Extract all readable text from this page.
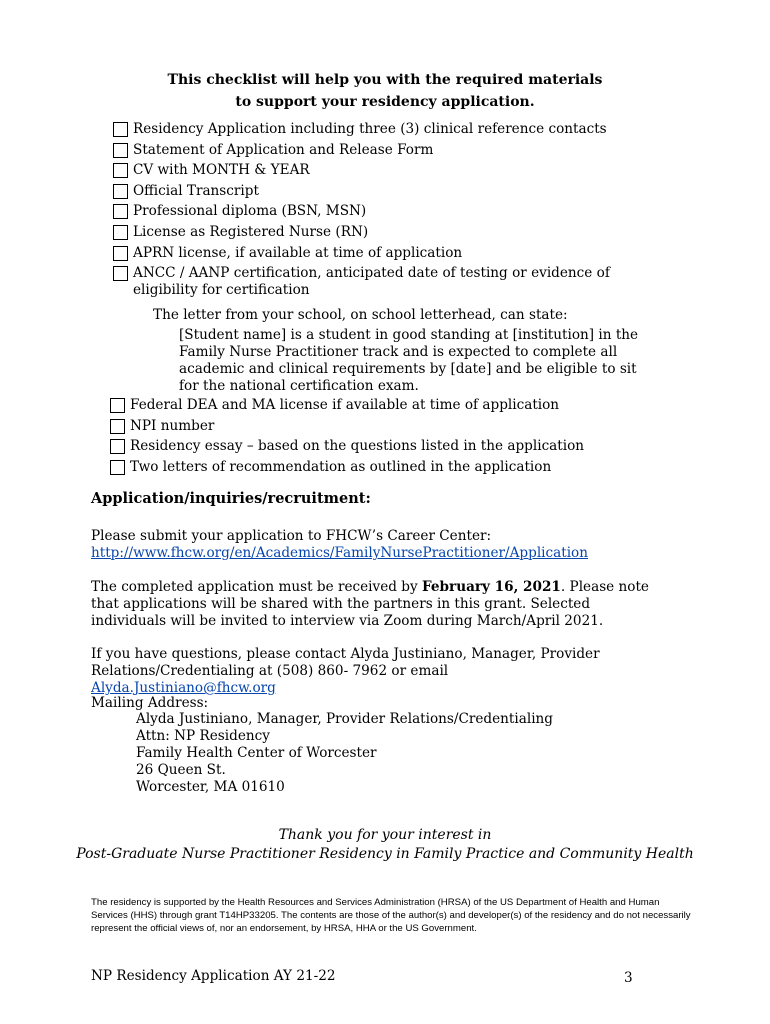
This checklist will help you with the required materials
to support your residency application.
Residency Application including three (3) clinical reference contacts
Statement of Application and Release Form
CV with MONTH & YEAR
Official Transcript
Professional diploma (BSN, MSN)
License as Registered Nurse (RN)
APRN license, if available at time of application
ANCC / AANP certification, anticipated date of testing or evidence of eligibility for certification
The letter from your school, on school letterhead, can state:
[Student name] is a student in good standing at [institution] in the Family Nurse Practitioner track and is expected to complete all academic and clinical requirements by [date] and be eligible to sit for the national certification exam.
Federal DEA and MA license if available at time of application
NPI number
Residency essay – based on the questions listed in the application
Two letters of recommendation as outlined in the application
Application/inquiries/recruitment:
Please submit your application to FHCW’s Career Center:
http://www.fhcw.org/en/Academics/FamilyNursePractitioner/Application
The completed application must be received by February 16, 2021. Please note that applications will be shared with the partners in this grant. Selected individuals will be invited to interview via Zoom during March/April 2021.
If you have questions, please contact Alyda Justiniano, Manager, Provider Relations/Credentialing at (508) 860- 7962 or email Alyda.Justiniano@fhcw.org
Mailing Address:
Alyda Justiniano, Manager, Provider Relations/Credentialing
Attn: NP Residency
Family Health Center of Worcester
26 Queen St.
Worcester, MA 01610
Thank you for your interest in
Post-Graduate Nurse Practitioner Residency in Family Practice and Community Health
The residency is supported by the Health Resources and Services Administration (HRSA) of the US Department of Health and Human Services (HHS) through grant T14HP33205. The contents are those of the author(s) and developer(s) of the residency and do not necessarily represent the official views of, nor an endorsement, by HRSA, HHA or the US Government.
NP Residency Application AY 21-22	3
